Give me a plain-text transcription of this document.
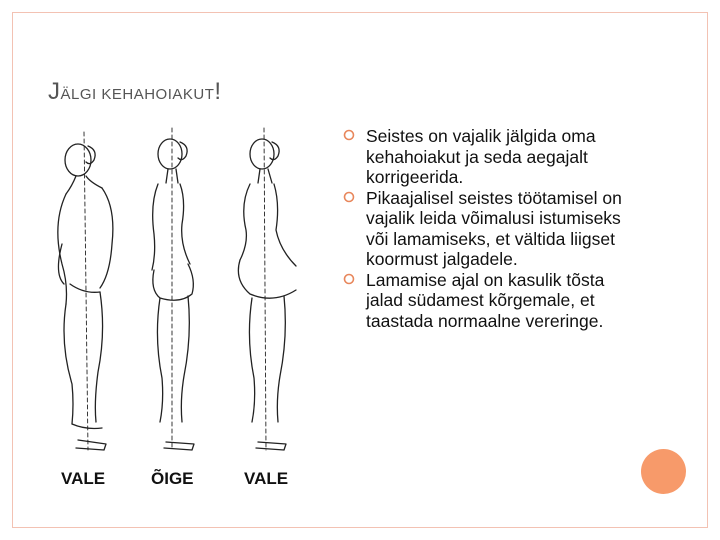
JÄLGI KEHAHOIAKUT!
VALE	ÕIGE	VALE
Seistes on vajalik jälgida oma kehahoiakut ja seda aegajalt korrigeerida.
Pikaajalisel seistes töötamisel on vajalik leida võimalusi istumiseks või lamamiseks, et vältida liigset koormust jalgadele.
Lamamise ajal on kasulik tõsta jalad südamest kõrgemale, et taastada normaalne vereringe.
